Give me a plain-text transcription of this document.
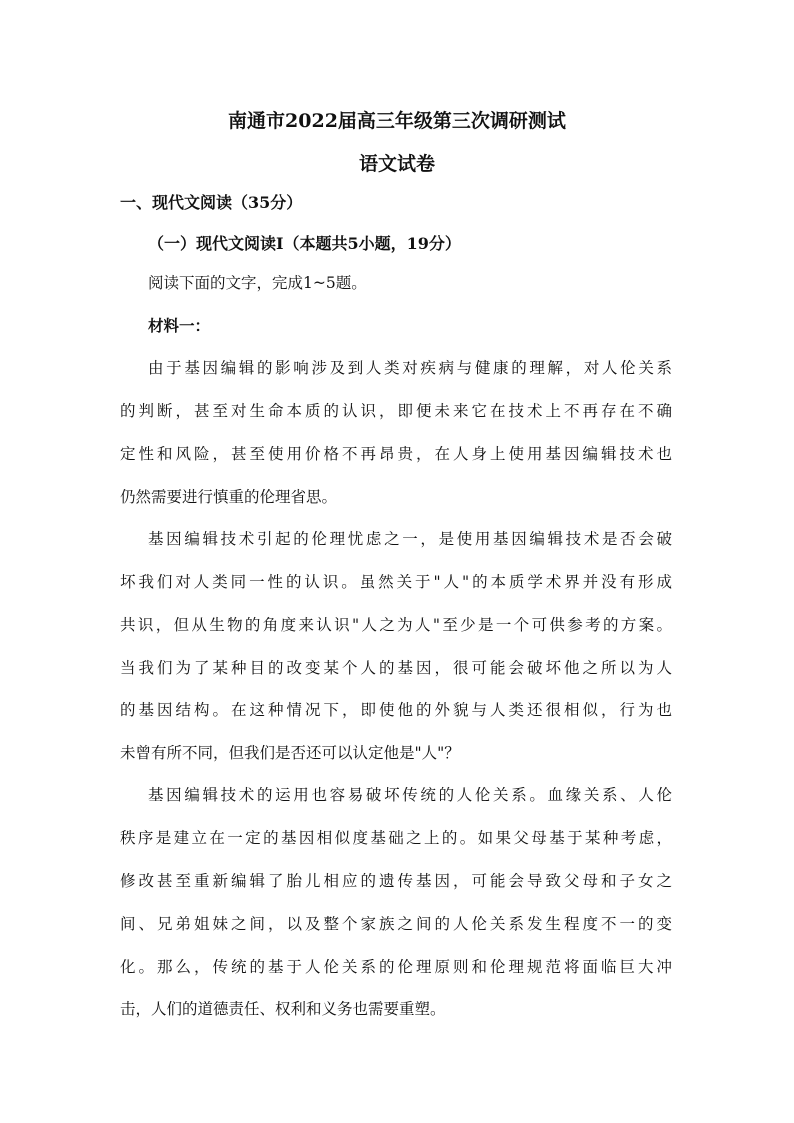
南通市2022届高三年级第三次调研测试
语文试卷
一、现代文阅读（35分）
（一）现代文阅读Ⅰ（本题共5小题，19分）
阅读下面的文字，完成1~5题。
材料一：
由于基因编辑的影响涉及到人类对疾病与健康的理解，对人伦关系
的判断，甚至对生命本质的认识，即便未来它在技术上不再存在不确
定性和风险，甚至使用价格不再昂贵，在人身上使用基因编辑技术也
仍然需要进行慎重的伦理省思。
基因编辑技术引起的伦理忧虑之一，是使用基因编辑技术是否会破
坏我们对人类同一性的认识。虽然关于"人"的本质学术界并没有形成
共识，但从生物的角度来认识"人之为人"至少是一个可供参考的方案。
当我们为了某种目的改变某个人的基因，很可能会破坏他之所以为人
的基因结构。在这种情况下，即使他的外貌与人类还很相似，行为也
未曾有所不同，但我们是否还可以认定他是"人"？
基因编辑技术的运用也容易破坏传统的人伦关系。血缘关系、人伦
秩序是建立在一定的基因相似度基础之上的。如果父母基于某种考虑，
修改甚至重新编辑了胎儿相应的遗传基因，可能会导致父母和子女之
间、兄弟姐妹之间，以及整个家族之间的人伦关系发生程度不一的变
化。那么，传统的基于人伦关系的伦理原则和伦理规范将面临巨大冲
击，人们的道德责任、权利和义务也需要重塑。
